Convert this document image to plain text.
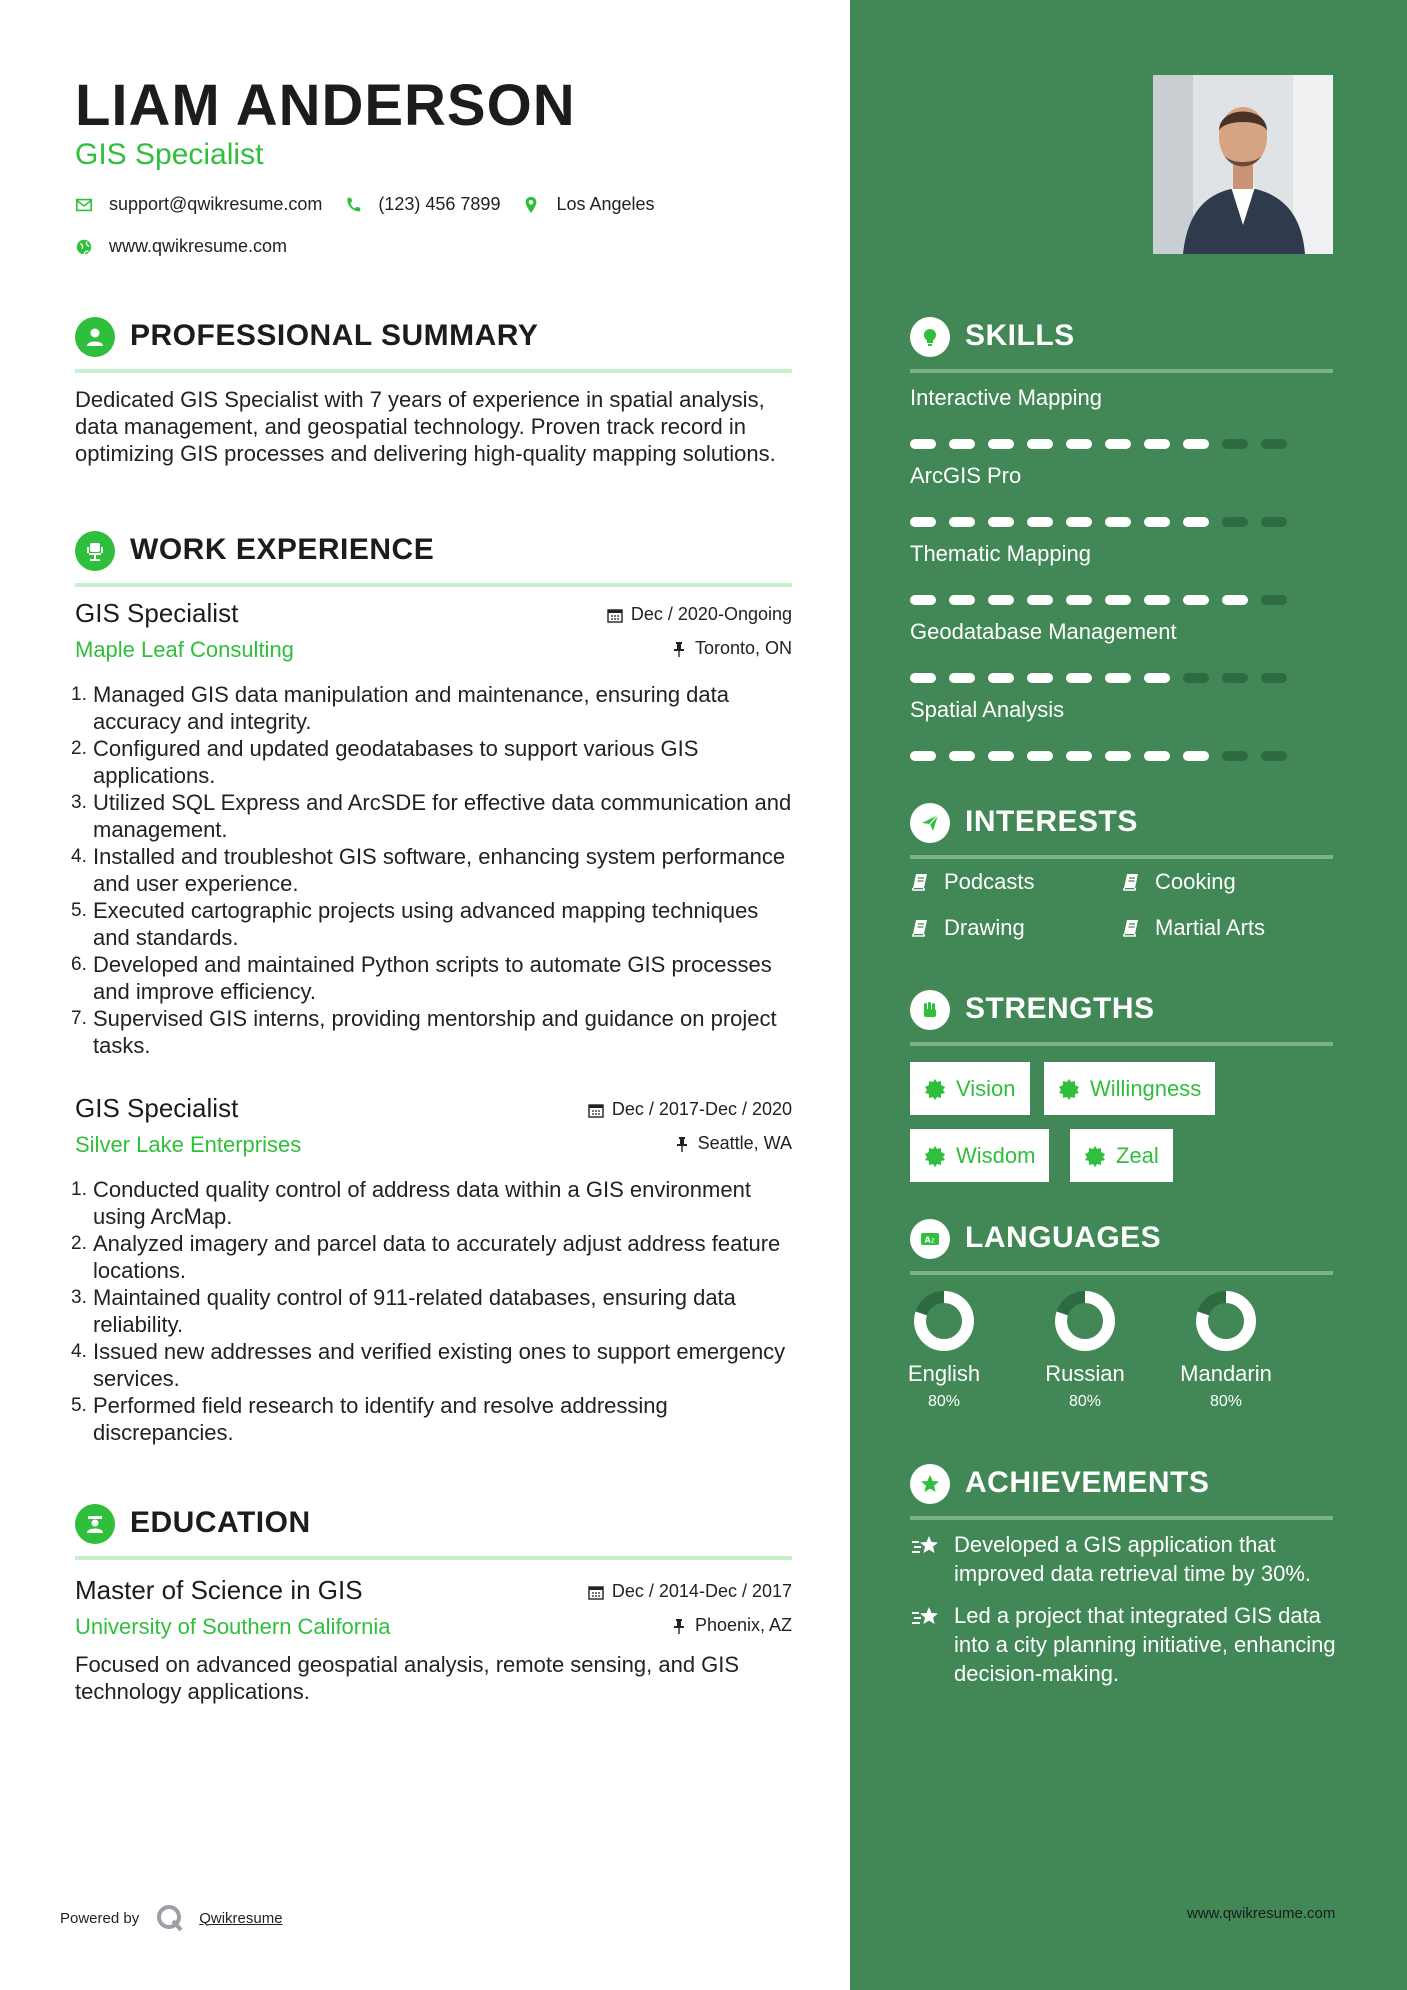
LIAM ANDERSON
GIS Specialist
support@qwikresume.com	(123) 456 7899	Los Angeles
www.qwikresume.com
PROFESSIONAL SUMMARY
Dedicated GIS Specialist with 7 years of experience in spatial analysis, data management, and geospatial technology. Proven track record in optimizing GIS processes and delivering high-quality mapping solutions.
WORK EXPERIENCE
GIS Specialist
Maple Leaf Consulting
Dec / 2020-Ongoing
Toronto, ON
1. Managed GIS data manipulation and maintenance, ensuring data accuracy and integrity.
2. Configured and updated geodatabases to support various GIS applications.
3. Utilized SQL Express and ArcSDE for effective data communication and management.
4. Installed and troubleshot GIS software, enhancing system performance and user experience.
5. Executed cartographic projects using advanced mapping techniques and standards.
6. Developed and maintained Python scripts to automate GIS processes and improve efficiency.
7. Supervised GIS interns, providing mentorship and guidance on project tasks.
GIS Specialist
Silver Lake Enterprises
Dec / 2017-Dec / 2020
Seattle, WA
1. Conducted quality control of address data within a GIS environment using ArcMap.
2. Analyzed imagery and parcel data to accurately adjust address feature locations.
3. Maintained quality control of 911-related databases, ensuring data reliability.
4. Issued new addresses and verified existing ones to support emergency services.
5. Performed field research to identify and resolve addressing discrepancies.
EDUCATION
Master of Science in GIS
University of Southern California
Dec / 2014-Dec / 2017
Phoenix, AZ
Focused on advanced geospatial analysis, remote sensing, and GIS technology applications.
Powered by	Qwikresume
SKILLS
Interactive Mapping
ArcGIS Pro
Thematic Mapping
Geodatabase Management
Spatial Analysis
INTERESTS
Podcasts	Cooking
Drawing	Martial Arts
STRENGTHS
Vision	Willingness
Wisdom	Zeal
A z LANGUAGES
English
80%
Russian
80%
Mandarin
80%
ACHIEVEMENTS
Developed a GIS application that improved data retrieval time by 30%.
Led a project that integrated GIS data into a city planning initiative, enhancing decision-making.
www.qwikresume.com
